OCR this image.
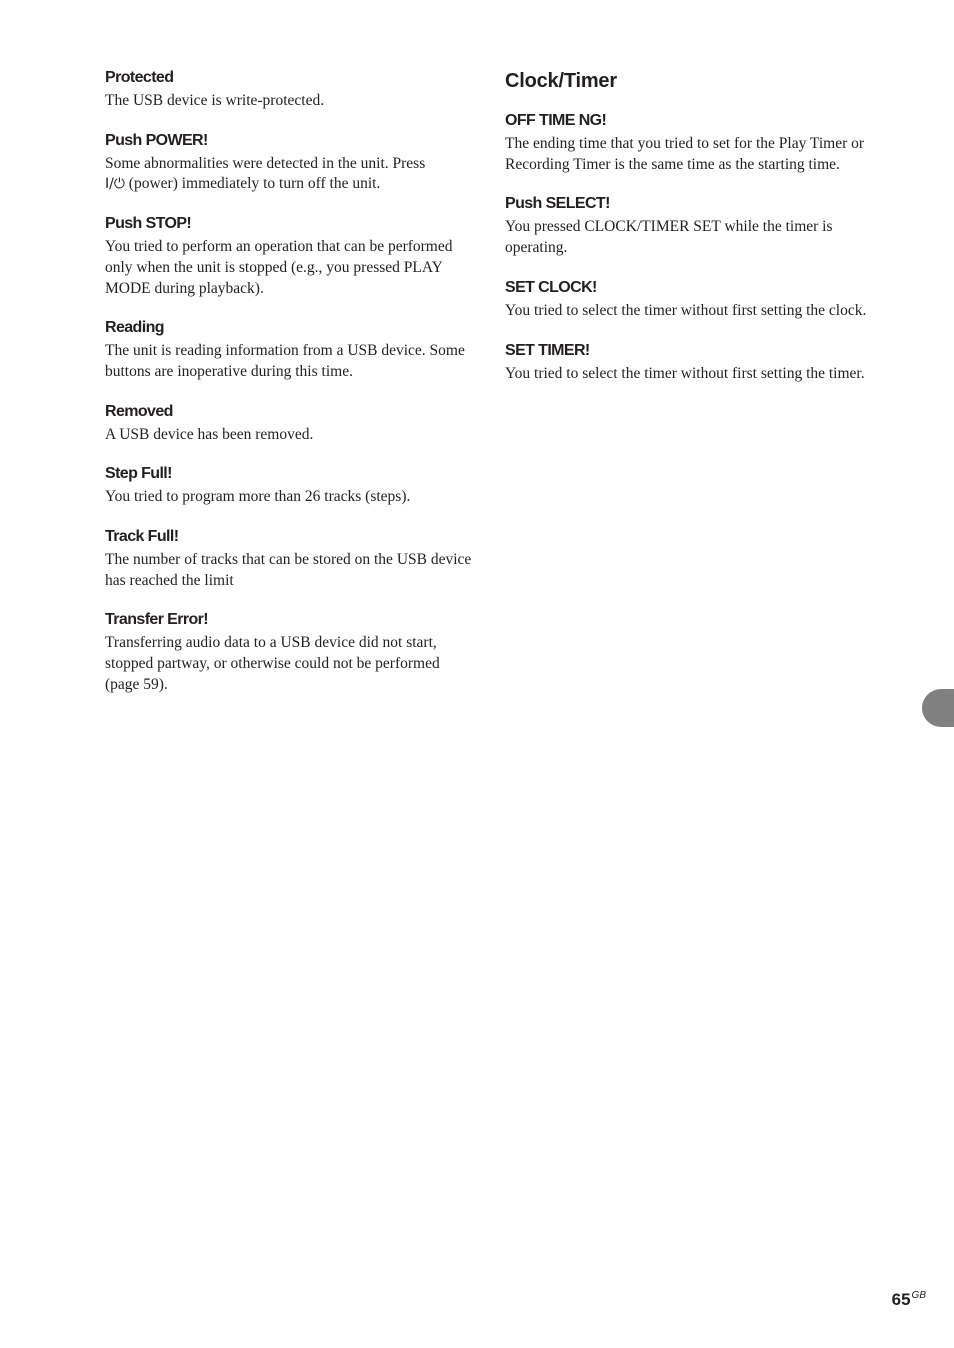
Protected

The USB device is write-protected.

Push POWER!

Some abnormalities were detected in the unit. Press
I/⏻ (power) immediately to turn off the unit.

Push STOP!

You tried to perform an operation that can be performed only when the unit is stopped (e.g., you pressed PLAY MODE during playback).

Reading

The unit is reading information from a USB device. Some buttons are inoperative during this time.

Removed

A USB device has been removed.

Step Full!

You tried to program more than 26 tracks (steps).

Track Full!

The number of tracks that can be stored on the USB device has reached the limit

Transfer Error!

Transferring audio data to a USB device did not start, stopped partway, or otherwise could not be performed (page 59).

Clock/Timer

OFF TIME NG!

The ending time that you tried to set for the Play Timer or Recording Timer is the same time as the starting time.

Push SELECT!

You pressed CLOCK/TIMER SET while the timer is operating.

SET CLOCK!

You tried to select the timer without first setting the clock.

SET TIMER!

You tried to select the timer without first setting the timer.

$65^{GB}$
